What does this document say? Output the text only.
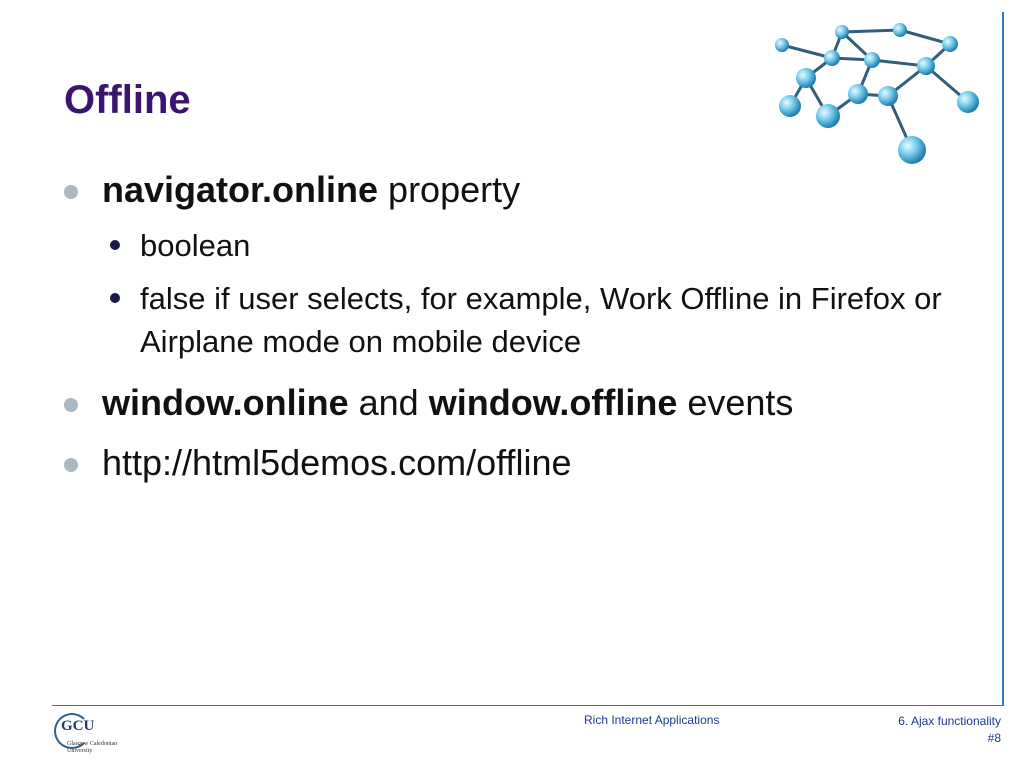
Offline
navigator.online property
boolean
false if user selects, for example, Work Offline in Firefox or Airplane mode on mobile device
window.online and window.offline events
http://html5demos.com/offline
GCU
Glasgow Caledonian
University
Rich Internet Applications	6. Ajax functionality
#8
